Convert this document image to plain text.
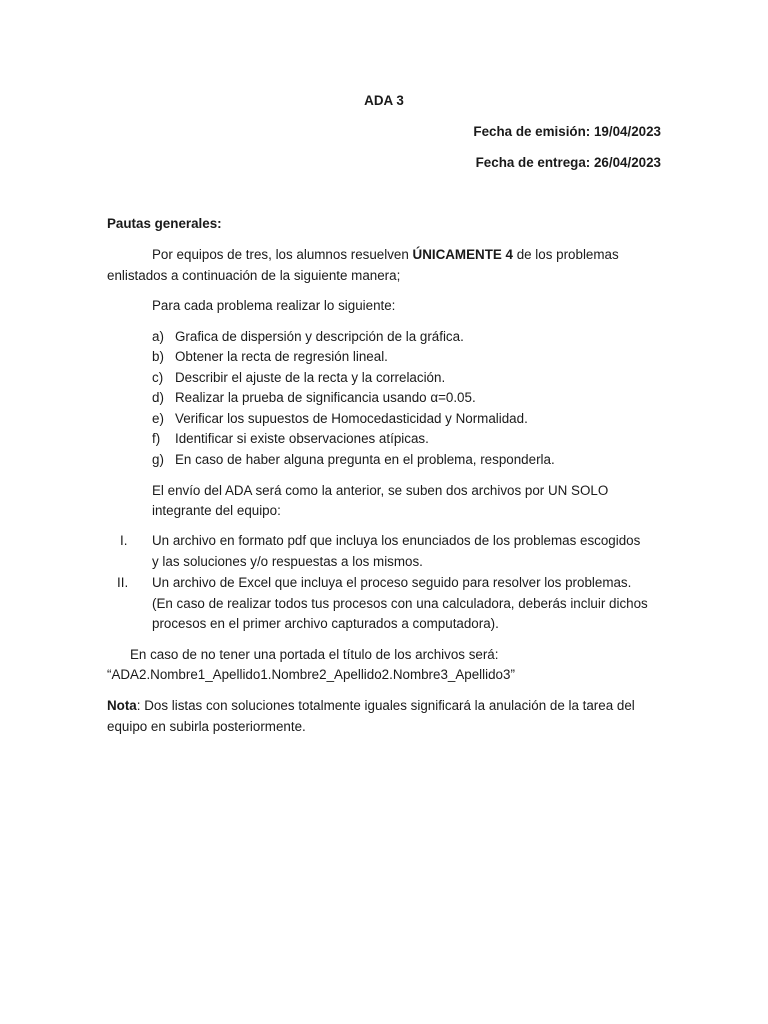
ADA 3
Fecha de emisión: 19/04/2023
Fecha de entrega: 26/04/2023
Pautas generales:
Por equipos de tres, los alumnos resuelven ÚNICAMENTE 4 de los problemas
enlistados a continuación de la siguiente manera;
Para cada problema realizar lo siguiente:
a) Grafica de dispersión y descripción de la gráfica.
b) Obtener la recta de regresión lineal.
c) Describir el ajuste de la recta y la correlación.
d) Realizar la prueba de significancia usando α=0.05.
e) Verificar los supuestos de Homocedasticidad y Normalidad.
f) Identificar si existe observaciones atípicas.
g) En caso de haber alguna pregunta en el problema, responderla.
El envío del ADA será como la anterior, se suben dos archivos por UN SOLO
integrante del equipo:
I. Un archivo en formato pdf que incluya los enunciados de los problemas escogidos
y las soluciones y/o respuestas a los mismos.
II. Un archivo de Excel que incluya el proceso seguido para resolver los problemas.
(En caso de realizar todos tus procesos con una calculadora, deberás incluir dichos
procesos en el primer archivo capturados a computadora).
En caso de no tener una portada el título de los archivos será:
“ADA2.Nombre1_Apellido1.Nombre2_Apellido2.Nombre3_Apellido3”
Nota: Dos listas con soluciones totalmente iguales significará la anulación de la tarea del
equipo en subirla posteriormente.
